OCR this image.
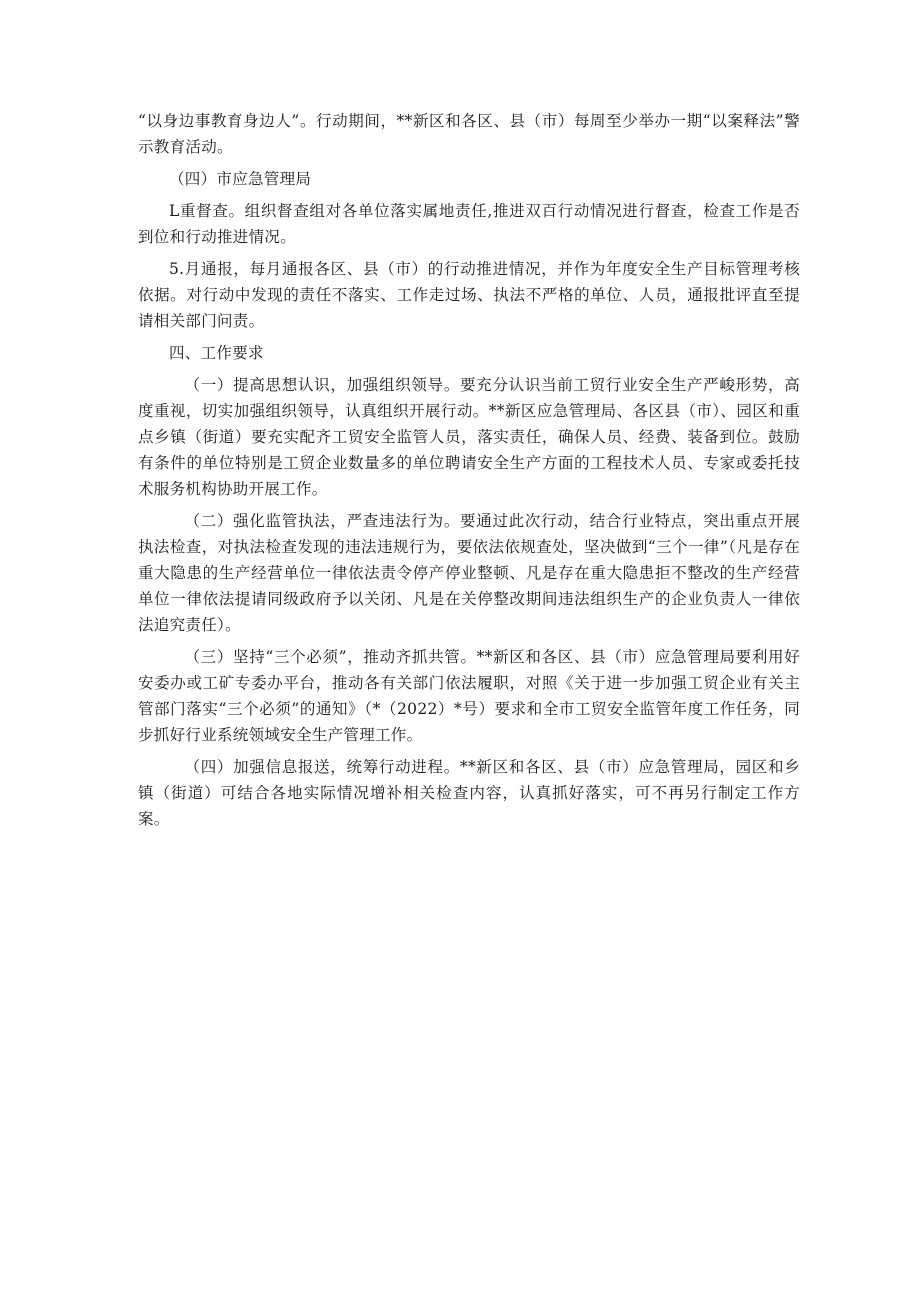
“以身边事教育身边人”。行动期间，**新区和各区、县（市）每周至少举办一期“以案释法”警示教育活动。

（四）市应急管理局

L重督查。组织督查组对各单位落实属地责任,推进双百行动情况进行督查，检查工作是否到位和行动推进情况。

5.月通报，每月通报各区、县（市）的行动推进情况，并作为年度安全生产目标管理考核依据。对行动中发现的责任不落实、工作走过场、执法不严格的单位、人员，通报批评直至提请相关部门问责。

四、工作要求

（一）提高思想认识，加强组织领导。要充分认识当前工贸行业安全生产严峻形势，高度重视，切实加强组织领导，认真组织开展行动。**新区应急管理局、各区县（市）、园区和重点乡镇（街道）要充实配齐工贸安全监管人员，落实责任，确保人员、经费、装备到位。鼓励有条件的单位特别是工贸企业数量多的单位聘请安全生产方面的工程技术人员、专家或委托技术服务机构协助开展工作。

（二）强化监管执法，严查违法行为。要通过此次行动，结合行业特点，突出重点开展执法检查，对执法检查发现的违法违规行为，要依法依规查处，坚决做到“三个一律”（凡是存在重大隐患的生产经营单位一律依法责令停产停业整顿、凡是存在重大隐患拒不整改的生产经营单位一律依法提请同级政府予以关闭、凡是在关停整改期间违法组织生产的企业负责人一律依法追究责任）。

（三）坚持“三个必须”，推动齐抓共管。**新区和各区、县（市）应急管理局要利用好安委办或工矿专委办平台，推动各有关部门依法履职，对照《关于进一步加强工贸企业有关主管部门落实“三个必须”的通知》（*（2022）*号）要求和全市工贸安全监管年度工作任务，同步抓好行业系统领域安全生产管理工作。

（四）加强信息报送，统筹行动进程。**新区和各区、县（市）应急管理局，园区和乡镇（街道）可结合各地实际情况增补相关检查内容，认真抓好落实，可不再另行制定工作方案。
